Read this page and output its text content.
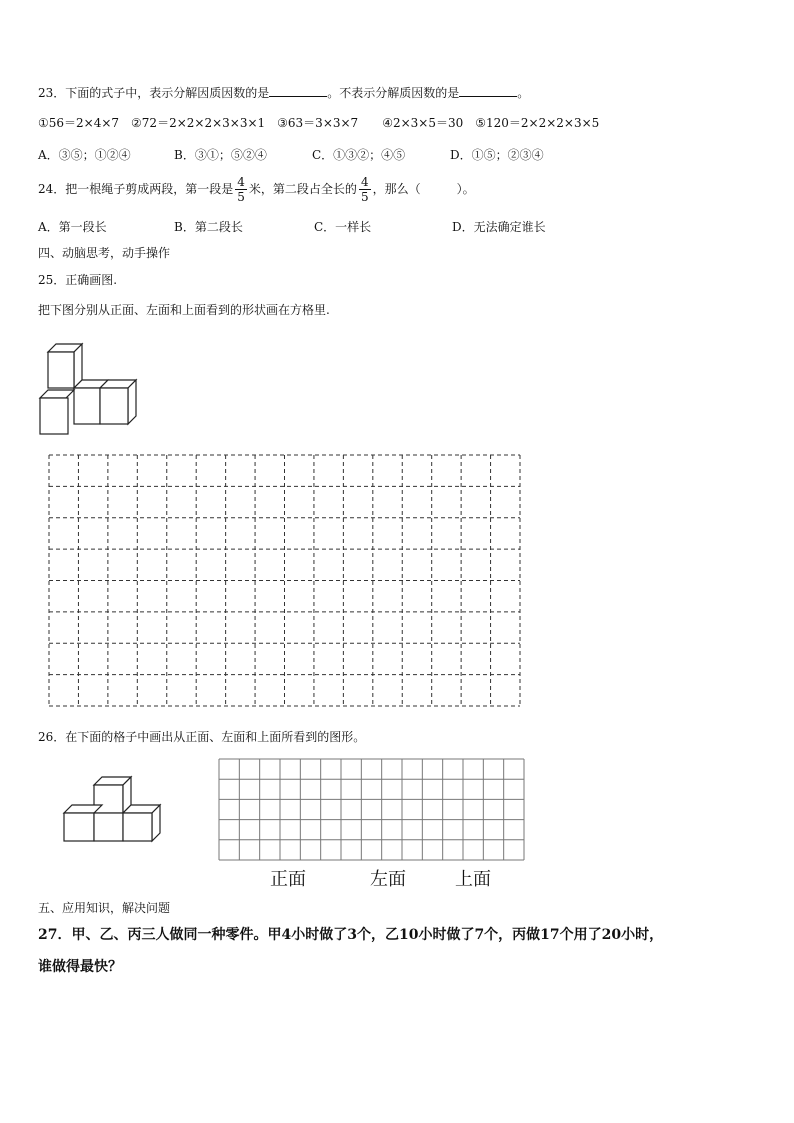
23．下面的式子中，表示分解因质因数的是	。不表示分解质因数的是	。
①56＝2×4×7　②72＝2×2×2×3×3×1　③63＝3×3×7　　④2×3×5＝30　⑤120＝2×2×2×3×5
A．③⑤；①②④	B．③①；⑤②④	C．①③②；④⑤	D．①⑤；②③④
24．把一根绳子剪成两段，第一段是 $\frac{4}{5}$ 米，第二段占全长的 $\frac{4}{5}$ ，那么（　　　）。
A．第一段长	B．第二段长	C．一样长	D．无法确定谁长
四、动脑思考，动手操作
25．正确画图.
把下图分别从正面、左面和上面看到的形状画在方格里.
26．在下面的格子中画出从正面、左面和上面所看到的图形。
正面	左面	上面
五、应用知识，解决问题
27．甲、乙、丙三人做同一种零件。甲4小时做了3个，乙10小时做了7个，丙做17个用了20小时，
谁做得最快？
